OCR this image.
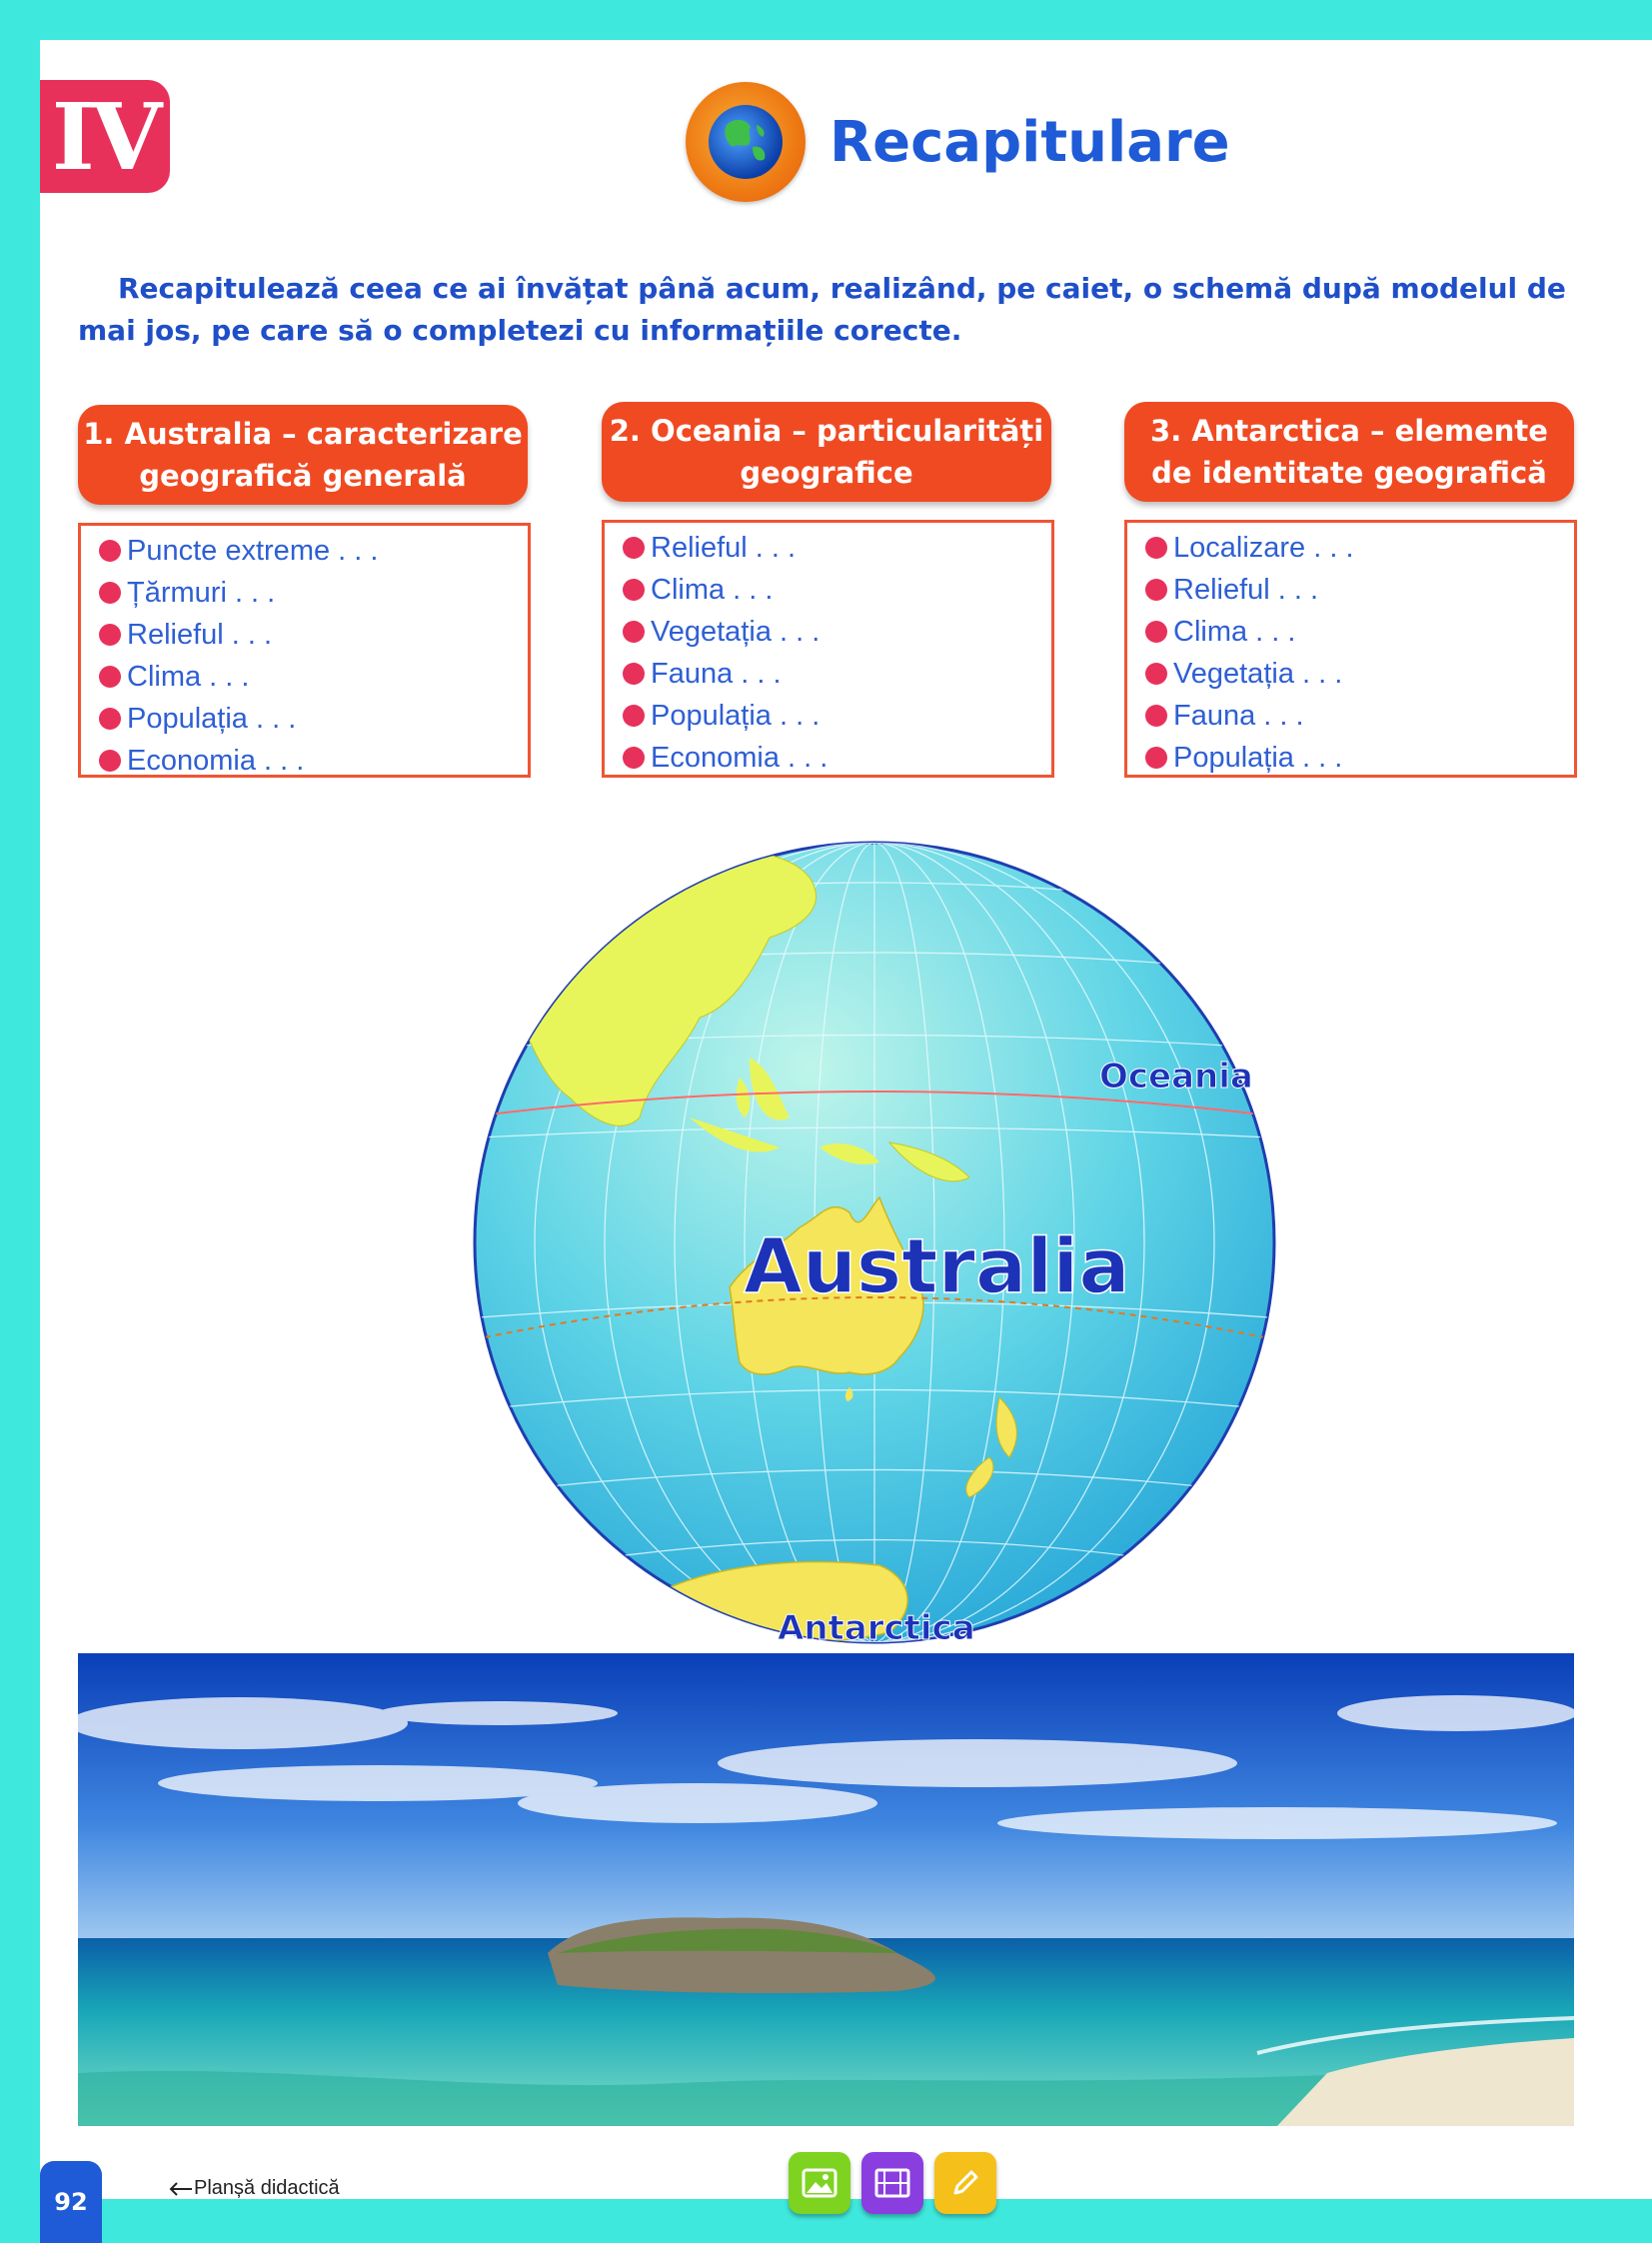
IV	Recapitulare
Recapitulează ceea ce ai învățat până acum, realizând, pe caiet, o schemă după modelul de mai jos, pe care să o completezi cu informațiile corecte.
1. Australia – caracterizare
geografică generală
Puncte extreme . . .
Țărmuri . . .
Relieful . . .
Clima . . .
Populația . . .
Economia . . .
2. Oceania – particularități
geografice
Relieful . . .
Clima . . .
Vegetația . . .
Fauna . . .
Populația . . .
Economia . . .
3. Antarctica – elemente
de identitate geografică
Localizare . . .
Relieful . . .
Clima . . .
Vegetația . . .
Fauna . . .
Populația . . .
Australia
Oceania
Antarctica
92	Planșă didactică
